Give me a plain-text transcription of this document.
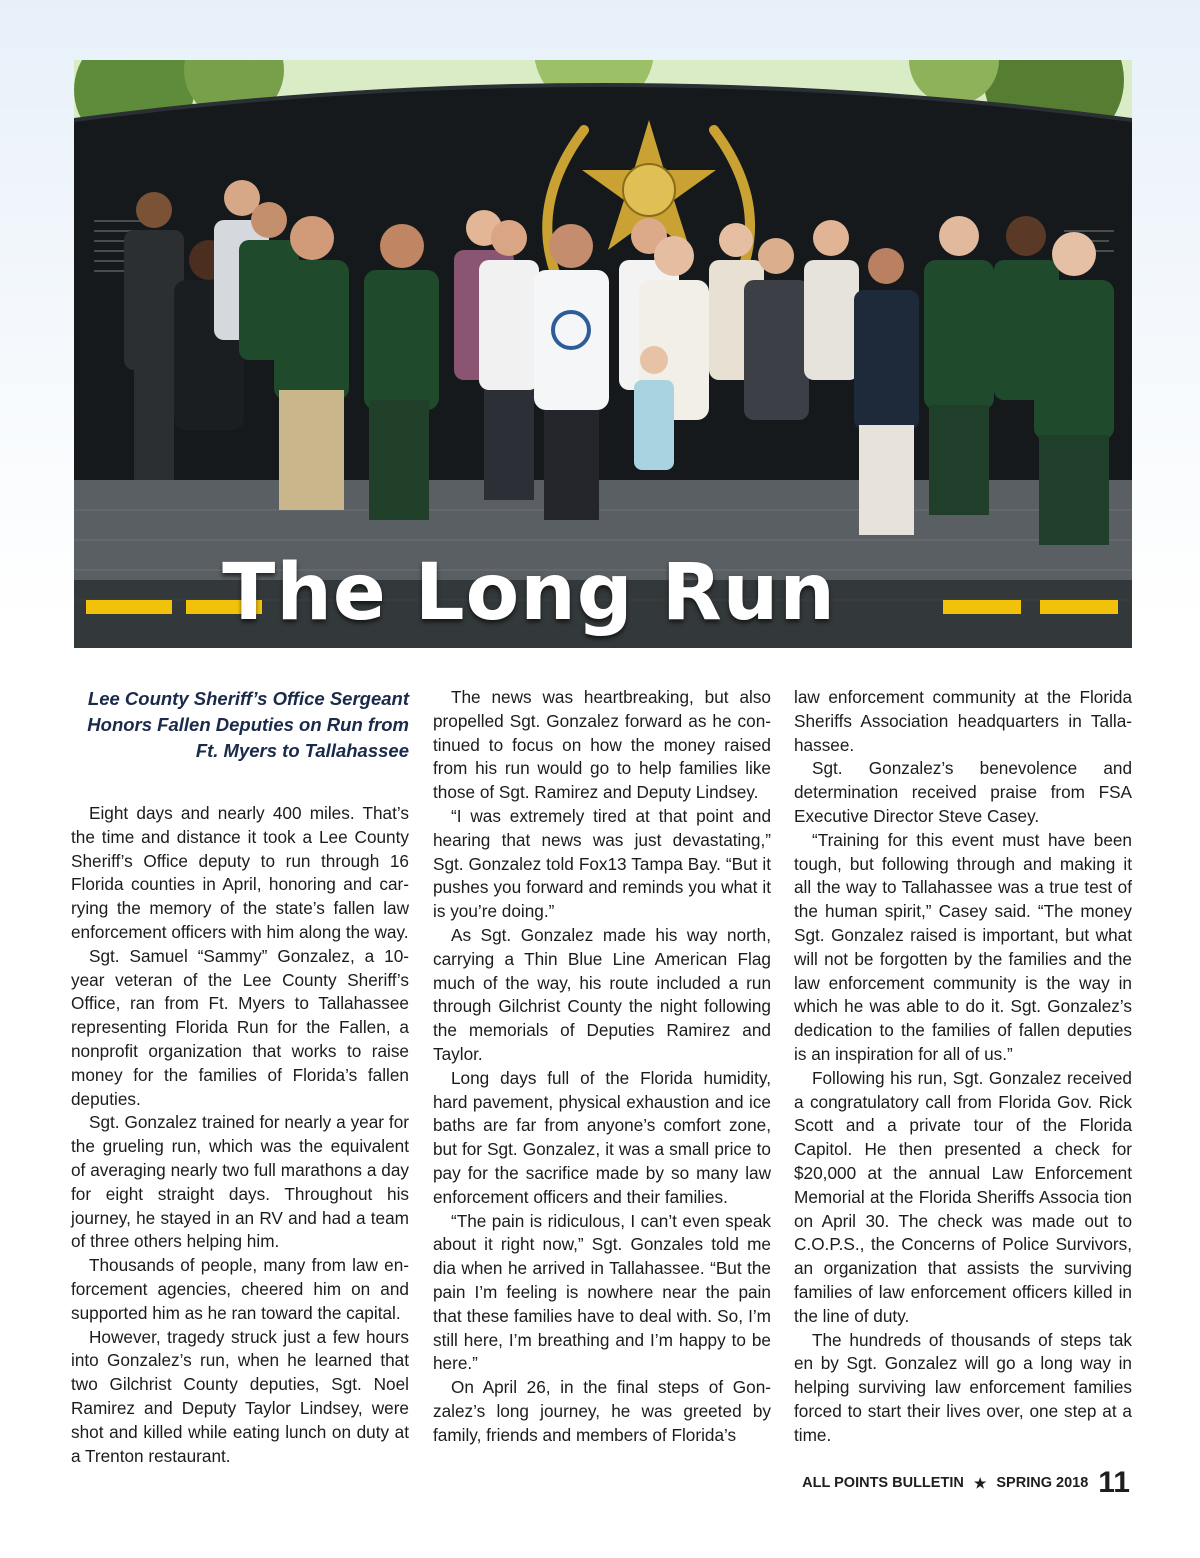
The Long Run
Lee County Sheriff’s Office Sergeant Honors Fallen Deputies on Run from Ft. Myers to Tallahassee

Eight days and nearly 400 miles. That’s the time and distance it took a Lee County Sheriff’s Office deputy to run through 16 Florida counties in April, honoring and carrying the memory of the state’s fallen law enforcement officers with him along the way.

Sgt. Samuel “Sammy” Gonzalez, a 10-year veteran of the Lee County Sheriff’s Office, ran from Ft. Myers to Tallahassee representing Florida Run for the Fallen, a nonprofit organization that works to raise money for the families of Florida’s fallen deputies.

Sgt. Gonzalez trained for nearly a year for the grueling run, which was the equivalent of averaging nearly two full marathons a day for eight straight days. Throughout his journey, he stayed in an RV and had a team of three others helping him.

Thousands of people, many from law enforcement agencies, cheered him on and supported him as he ran toward the capital.

However, tragedy struck just a few hours into Gonzalez’s run, when he learned that two Gilchrist County deputies, Sgt. Noel Ramirez and Deputy Taylor Lindsey, were shot and killed while eating lunch on duty at a Trenton restaurant.

The news was heartbreaking, but also propelled Sgt. Gonzalez forward as he continued to focus on how the money raised from his run would go to help families like those of Sgt. Ramirez and Deputy Lindsey.

“I was extremely tired at that point and hearing that news was just devastating,” Sgt. Gonzalez told Fox13 Tampa Bay. “But it pushes you forward and reminds you what it is you’re doing.”

As Sgt. Gonzalez made his way north, carrying a Thin Blue Line American Flag much of the way, his route included a run through Gilchrist County the night following the memorials of Deputies Ramirez and Taylor.

Long days full of the Florida humidity, hard pavement, physical exhaustion and ice baths are far from anyone’s comfort zone, but for Sgt. Gonzalez, it was a small price to pay for the sacrifice made by so many law enforcement officers and their families.

“The pain is ridiculous, I can’t even speak about it right now,” Sgt. Gonzales told me dia when he arrived in Tallahassee. “But the pain I’m feeling is nowhere near the pain that these families have to deal with. So, I’m still here, I’m breathing and I’m happy to be here.”

On April 26, in the final steps of Gonzalez’s long journey, he was greeted by family, friends and members of Florida’s

law enforcement community at the Florida Sheriffs Association headquarters in Tallahassee.

Sgt. Gonzalez’s benevolence and determination received praise from FSA Executive Director Steve Casey.

“Training for this event must have been tough, but following through and making it all the way to Tallahassee was a true test of the human spirit,” Casey said. “The money Sgt. Gonzalez raised is important, but what will not be forgotten by the families and the law enforcement community is the way in which he was able to do it. Sgt. Gonzalez’s dedication to the families of fallen deputies is an inspiration for all of us.”

Following his run, Sgt. Gonzalez received a congratulatory call from Florida Gov. Rick Scott and a private tour of the Florida Capitol. He then presented a check for $20,000 at the annual Law Enforcement Memorial at the Florida Sheriffs Associa tion on April 30. The check was made out to C.O.P.S., the Concerns of Police Survivors, an organization that assists the surviving families of law enforcement officers killed in the line of duty.

The hundreds of thousands of steps tak en by Sgt. Gonzalez will go a long way in helping surviving law enforcement families forced to start their lives over, one step at a time.

ALL POINTS BULLETIN ★ SPRING 2018 11
